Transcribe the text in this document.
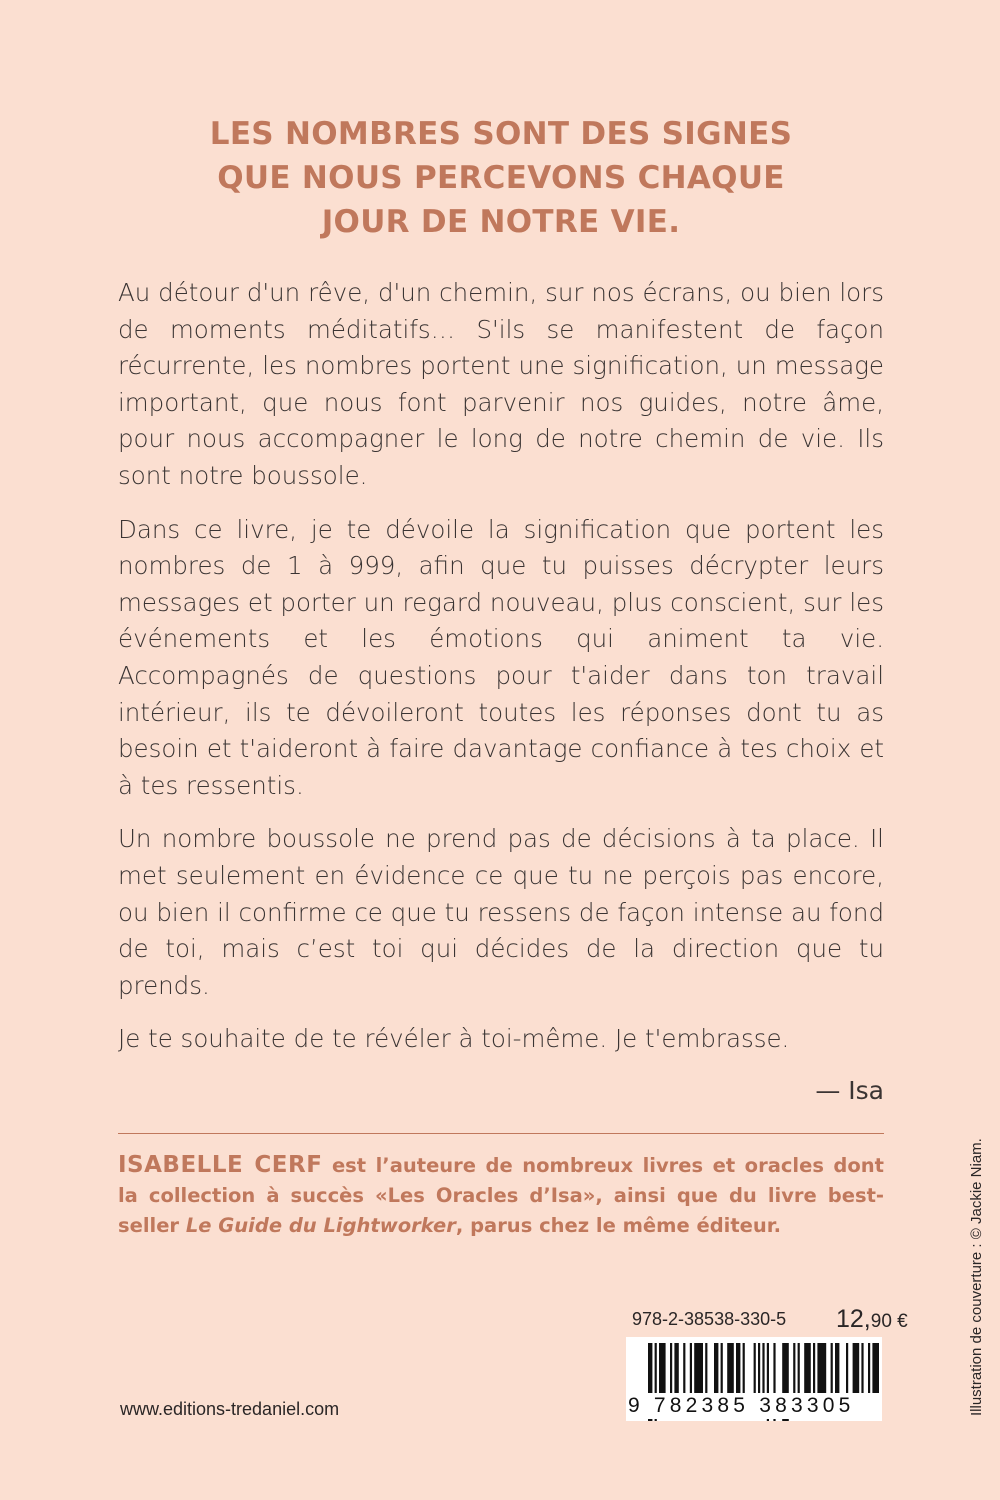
LES NOMBRES SONT DES SIGNES
QUE NOUS PERCEVONS CHAQUE
JOUR DE NOTRE VIE.

Au détour d'un rêve, d'un chemin, sur nos écrans, ou bien lors de moments méditatifs… S'ils se manifestent de façon récurrente, les nombres portent une signification, un message important, que nous font parvenir nos guides, notre âme, pour nous accompagner le long de notre chemin de vie. Ils sont notre boussole.

Dans ce livre, je te dévoile la signification que portent les nombres de 1 à 999, afin que tu puisses décrypter leurs messages et porter un regard nouveau, plus conscient, sur les événements et les émotions qui animent ta vie. Accompagnés de questions pour t'aider dans ton travail intérieur, ils te dévoileront toutes les réponses dont tu as besoin et t'aideront à faire davantage confiance à tes choix et à tes ressentis.

Un nombre boussole ne prend pas de décisions à ta place. Il met seulement en évidence ce que tu ne perçois pas encore, ou bien il confirme ce que tu ressens de façon intense au fond de toi, mais c’est toi qui décides de la direction que tu prends.

Je te souhaite de te révéler à toi-même. Je t'embrasse.

— Isa
ISABELLE CERF est l’auteure de nombreux livres et oracles dont la collection à succès «Les Oracles d’Isa», ainsi que du livre best-seller Le Guide du Lightworker, parus chez le même éditeur.
978-2-38538-330-5 12,90 €
9 782385 383305
www.editions-tredaniel.com	Illustration de couverture : © Jackie Niam.
